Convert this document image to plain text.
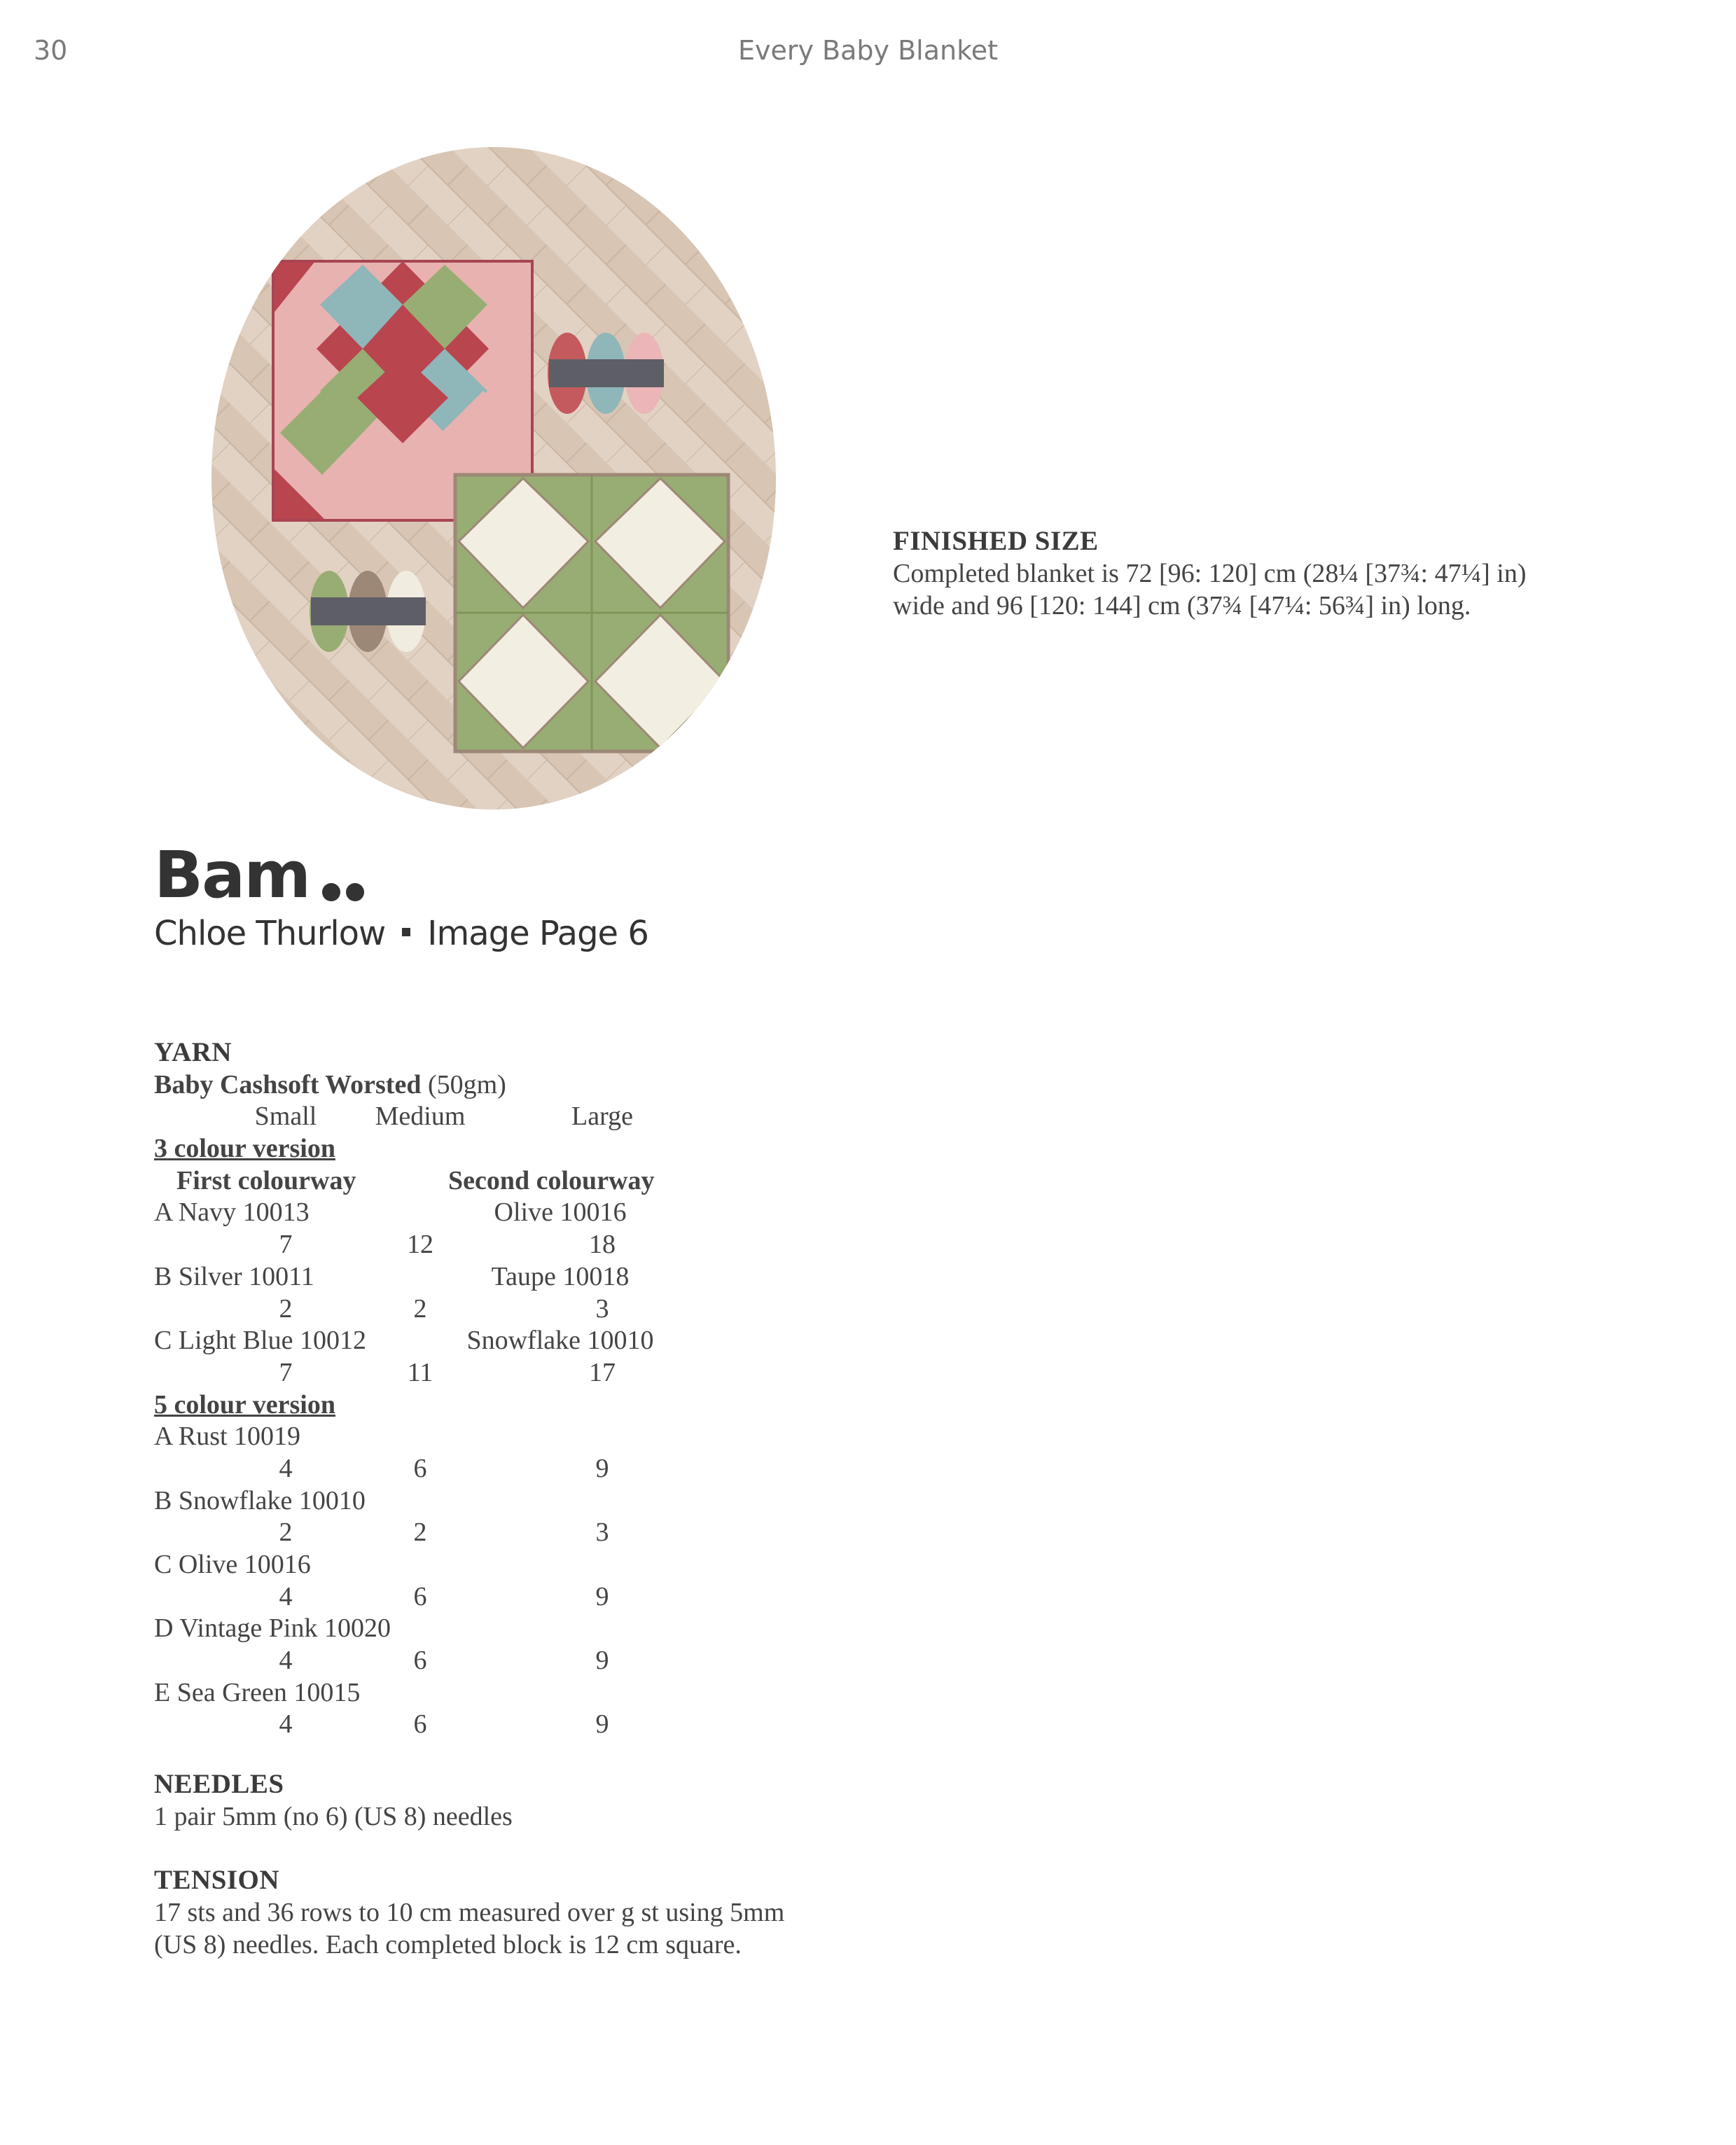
30	Every Baby Blanket
FINISHED SIZE
Completed blanket is 72 [96: 120] cm (28¼ [37¾: 47¼] in)
wide and 96 [120: 144] cm (37¾ [47¼: 56¾] in) long.
Bam
Chloe Thurlow Image Page 6
YARN
Baby Cashsoft Worsted (50gm)
Small	Medium	Large
3 colour version
First colourway	Second colourway
A Navy 10013	Olive 10016
7	12	18
B Silver 10011	Taupe 10018
2	2	3
C Light Blue 10012	Snowflake 10010
7	11	17
5 colour version
A Rust 10019
4	6	9
B Snowflake 10010
2	2	3
C Olive 10016
4	6	9
D Vintage Pink 10020
4	6	9
E Sea Green 10015
4	6	9
NEEDLES
1 pair 5mm (no 6) (US 8) needles
TENSION
17 sts and 36 rows to 10 cm measured over g st using 5mm
(US 8) needles. Each completed block is 12 cm square.
